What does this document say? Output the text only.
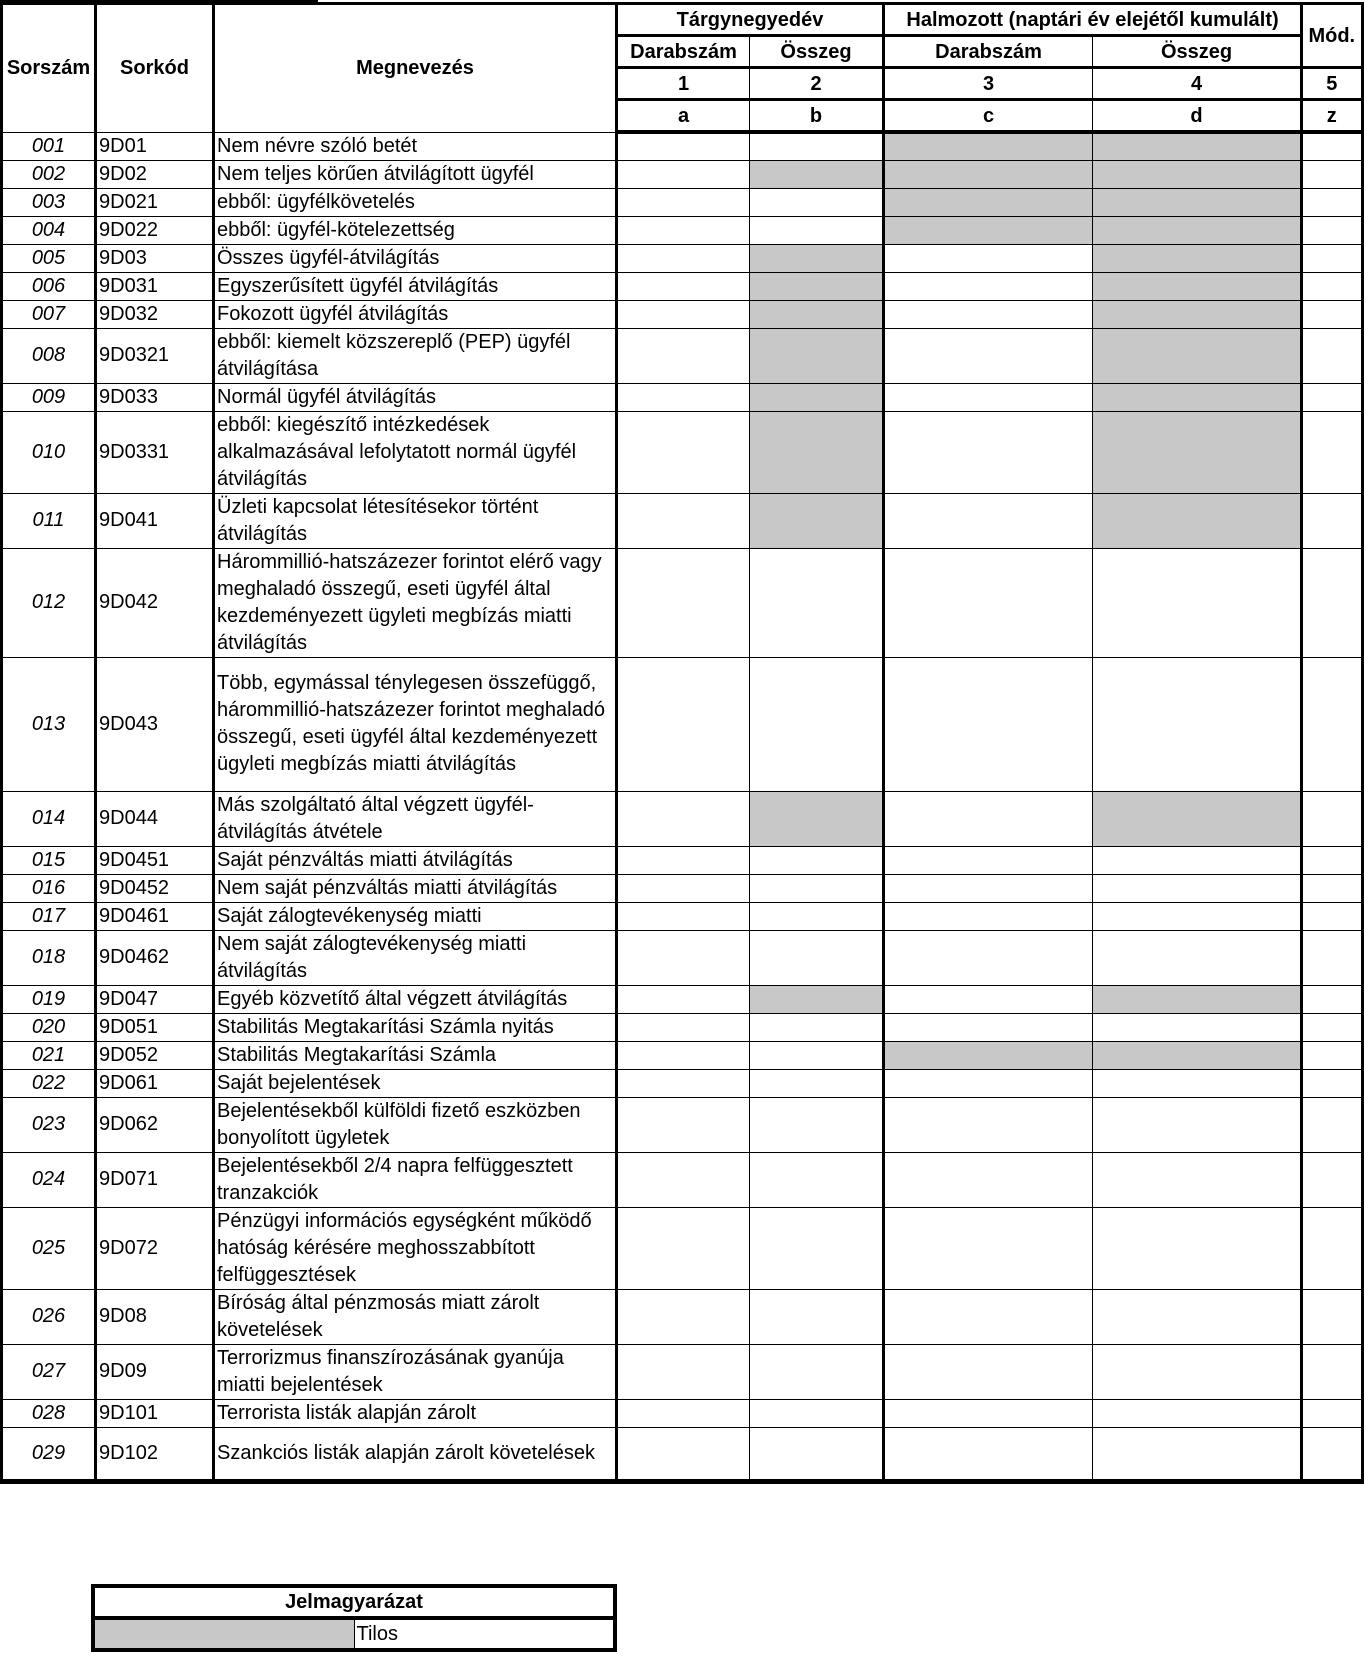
Sorszám	Sorkód	Megnevezés	Tárgynegyedév		Halmozott (naptári év elejétől kumulált)		Mód.
			Darabszám	Összeg	Darabszám	Összeg	
			1	2	3	4	5
			a	b	c	d	z
001	9D01	Nem névre szóló betét					
002	9D02	Nem teljes körűen átvilágított ügyfél					
003	9D021	ebből: ügyfélkövetelés					
004	9D022	ebből: ügyfél-kötelezettség					
005	9D03	Összes ügyfél-átvilágítás					
006	9D031	Egyszerűsített ügyfél átvilágítás					
007	9D032	Fokozott ügyfél átvilágítás					
008	9D0321	ebből: kiemelt közszereplő (PEP) ügyfél átvilágítása					
009	9D033	Normál ügyfél átvilágítás					
010	9D0331	ebből: kiegészítő intézkedések alkalmazásával lefolytatott normál ügyfél átvilágítás					
011	9D041	Üzleti kapcsolat létesítésekor történt átvilágítás					
012	9D042	Hárommillió-hatszázezer forintot elérő vagy meghaladó összegű, eseti ügyfél által kezdeményezett ügyleti megbízás miatti átvilágítás					
013	9D043	Több, egymással ténylegesen összefüggő, hárommillió-hatszázezer forintot meghaladó összegű, eseti ügyfél által kezdeményezett ügyleti megbízás miatti átvilágítás					
014	9D044	Más szolgáltató által végzett ügyfél-átvilágítás átvétele					
015	9D0451	Saját pénzváltás miatti átvilágítás					
016	9D0452	Nem saját pénzváltás miatti átvilágítás					
017	9D0461	Saját zálogtevékenység miatti					
018	9D0462	Nem saját zálogtevékenység miatti átvilágítás					
019	9D047	Egyéb közvetítő által végzett átvilágítás					
020	9D051	Stabilitás Megtakarítási Számla nyitás					
021	9D052	Stabilitás Megtakarítási Számla					
022	9D061	Saját bejelentések					
023	9D062	Bejelentésekből külföldi fizető eszközben bonyolított ügyletek					
024	9D071	Bejelentésekből 2/4 napra felfüggesztett tranzakciók					
025	9D072	Pénzügyi információs egységként működő hatóság kérésére meghosszabbított felfüggesztések					
026	9D08	Bíróság által pénzmosás miatt zárolt követelések					
027	9D09	Terrorizmus finanszírozásának gyanúja miatti bejelentések					
028	9D101	Terrorista listák alapján zárolt					
029	9D102	Szankciós listák alapján zárolt követelések					
Jelmagyarázat
	Tilos
